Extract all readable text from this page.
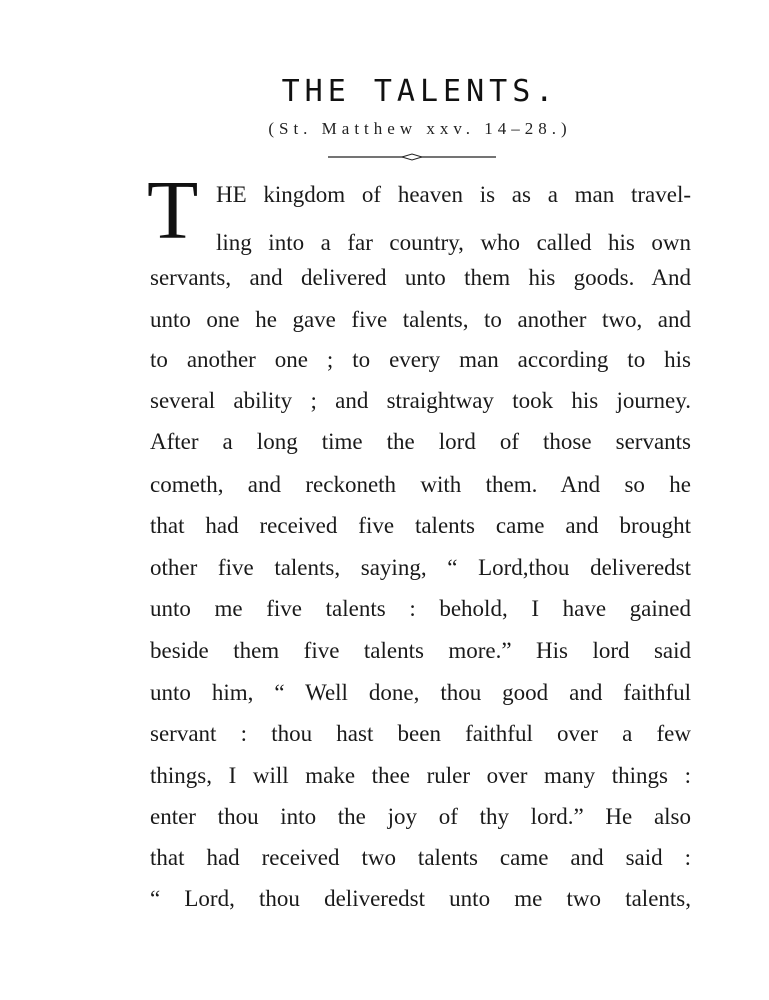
THE TALENTS.
(St. Matthew xxv. 14–28.)
T HE kingdom of heaven is as a man travel-
ling into a far country, who called his own
servants, and delivered unto them his goods. And
unto one he gave five talents, to another two, and
to another one ; to every man according to his
several ability ; and straightway took his journey.
After a long time the lord of those servants
cometh, and reckoneth with them. And so he
that had received five talents came and brought
other five talents, saying, “ Lord,thou deliveredst
unto me five talents : behold, I have gained
beside them five talents more.” His lord said
unto him, “ Well done, thou good and faithful
servant : thou hast been faithful over a few
things, I will make thee ruler over many things :
enter thou into the joy of thy lord.” He also
that had received two talents came and said :
“ Lord, thou deliveredst unto me two talents,
